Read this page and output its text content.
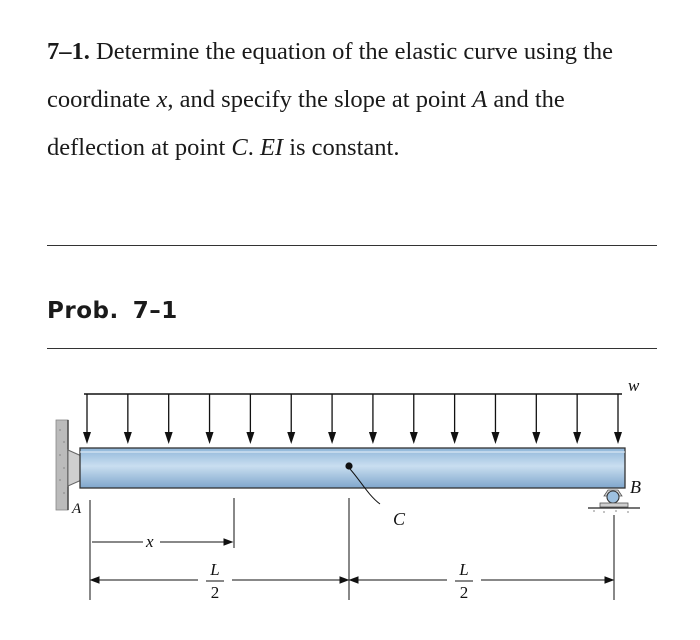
7–1. Determine the equation of the elastic curve using the coordinate x, and specify the slope at point A and the deflection at point C. EI is constant.

Prob. 7–1
w
B
C
A
x
L
2
L
2
